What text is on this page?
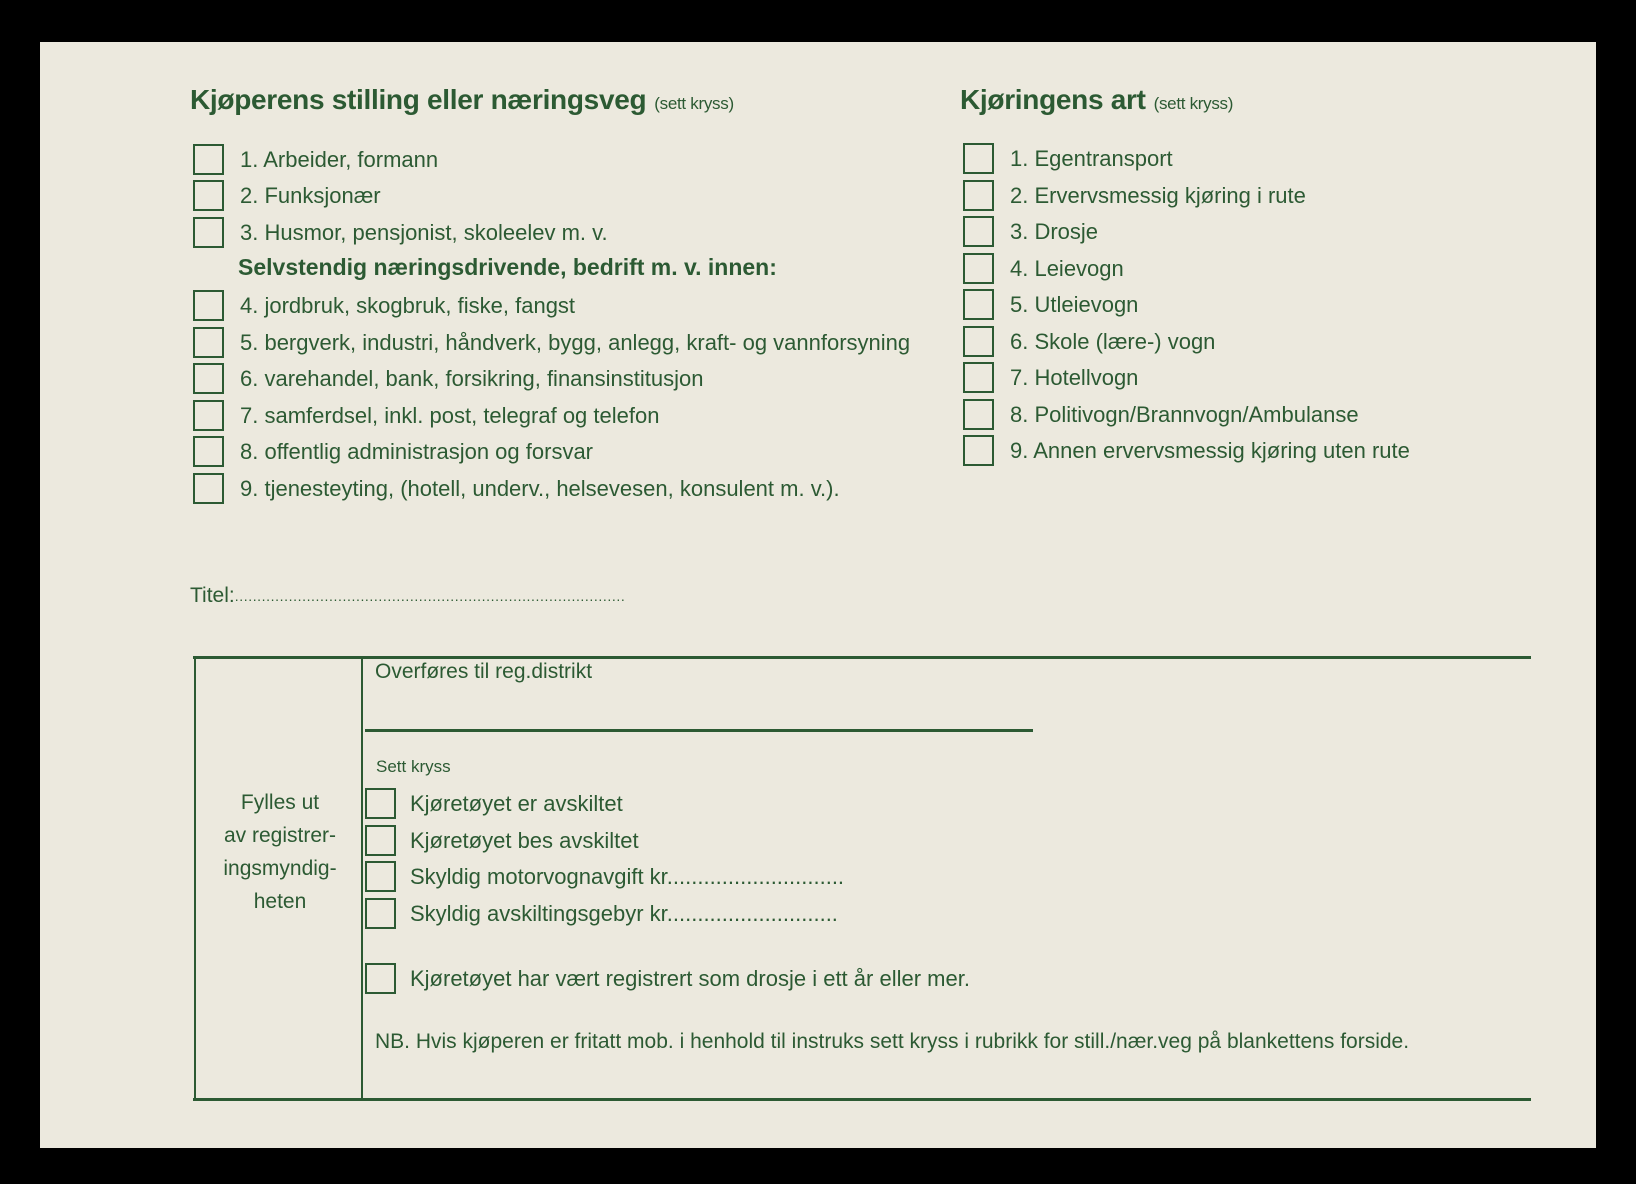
Kjøperens stilling eller næringsveg (sett kryss)
1. Arbeider, formann
2. Funksjonær
3. Husmor, pensjonist, skoleelev m. v.
Selvstendig næringsdrivende, bedrift m. v. innen:
4. jordbruk, skogbruk, fiske, fangst
5. bergverk, industri, håndverk, bygg, anlegg, kraft- og vannforsyning
6. varehandel, bank, forsikring, finansinstitusjon
7. samferdsel, inkl. post, telegraf og telefon
8. offentlig administrasjon og forsvar
9. tjenesteyting, (hotell, underv., helsevesen, konsulent m. v.).
Kjøringens art (sett kryss)
1. Egentransport
2. Ervervsmessig kjøring i rute
3. Drosje
4. Leievogn
5. Utleievogn
6. Skole (lære-) vogn
7. Hotellvogn
8. Politivogn/Brannvogn/Ambulanse
9. Annen ervervsmessig kjøring uten rute
Titel: .......................................................................................
Fylles ut
av registrer-
ingsmyndig-
heten
Overføres til reg.distrikt
Sett kryss
Kjøretøyet er avskiltet
Kjøretøyet bes avskiltet
Skyldig motorvognavgift kr.............................
Skyldig avskiltingsgebyr kr............................
Kjøretøyet har vært registrert som drosje i ett år eller mer.
NB. Hvis kjøperen er fritatt mob. i henhold til instruks sett kryss i rubrikk for still./nær.veg på blankettens forside.
